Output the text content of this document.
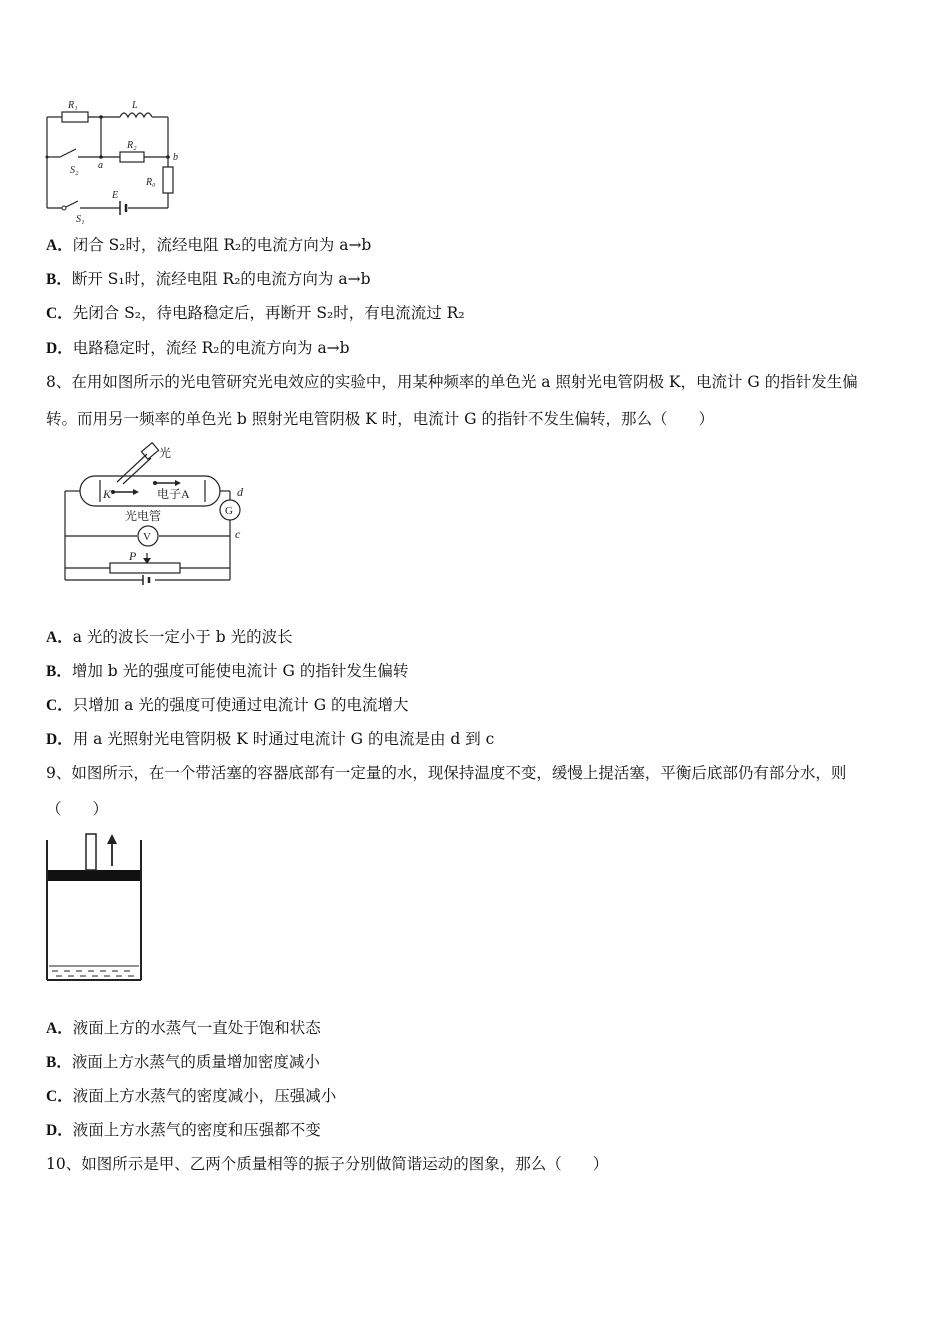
R₁	L
R₂
a
b
S₂
R₀
E
S₁
A．闭合 S₂时，流经电阻 R₂的电流方向为 a→b
B．断开 S₁时，流经电阻 R₂的电流方向为 a→b
C．先闭合 S₂，待电路稳定后，再断开 S₂时，有电流流过 R₂
D．电路稳定时，流经 R₂的电流方向为 a→b
8、在用如图所示的光电管研究光电效应的实验中，用某种频率的单色光 a 照射光电管阴极 K，电流计 G 的指针发生偏
转。而用另一频率的单色光 b 照射光电管阴极 K 时，电流计 G 的指针不发生偏转，那么（　　）
光
K	电子A
光电管
d
G
V	c
P
A．a 光的波长一定小于 b 光的波长
B．增加 b 光的强度可能使电流计 G 的指针发生偏转
C．只增加 a 光的强度可使通过电流计 G 的电流增大
D．用 a 光照射光电管阴极 K 时通过电流计 G 的电流是由 d 到 c
9、如图所示，在一个带活塞的容器底部有一定量的水，现保持温度不变，缓慢上提活塞，平衡后底部仍有部分水，则
（　　）
A．液面上方的水蒸气一直处于饱和状态
B．液面上方水蒸气的质量增加密度减小
C．液面上方水蒸气的密度减小，压强减小
D．液面上方水蒸气的密度和压强都不变
10、如图所示是甲、乙两个质量相等的振子分别做简谐运动的图象，那么（　　）
